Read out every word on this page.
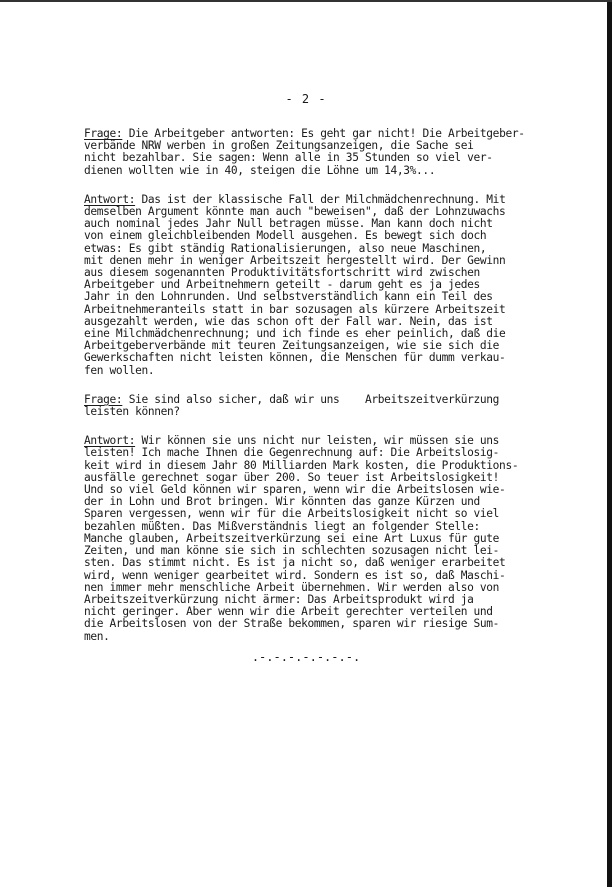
- 2 -
Frage: Die Arbeitgeber antworten: Es geht gar nicht! Die Arbeitgeber-
verbände NRW werben in großen Zeitungsanzeigen, die Sache sei
nicht bezahlbar. Sie sagen: Wenn alle in 35 Stunden so viel ver-
dienen wollten wie in 40, steigen die Löhne um 14,3%...
Antwort: Das ist der klassische Fall der Milchmädchenrechnung. Mit
demselben Argument könnte man auch "beweisen", daß der Lohnzuwachs
auch nominal jedes Jahr Null betragen müsse. Man kann doch nicht
von einem gleichbleibenden Modell ausgehen. Es bewegt sich doch
etwas: Es gibt ständig Rationalisierungen, also neue Maschinen,
mit denen mehr in weniger Arbeitszeit hergestellt wird. Der Gewinn
aus diesem sogenannten Produktivitätsfortschritt wird zwischen
Arbeitgeber und Arbeitnehmern geteilt - darum geht es ja jedes
Jahr in den Lohnrunden. Und selbstverständlich kann ein Teil des
Arbeitnehmeranteils statt in bar sozusagen als kürzere Arbeitszeit
ausgezahlt werden, wie das schon oft der Fall war. Nein, das ist
eine Milchmädchenrechnung; und ich finde es eher peinlich, daß die
Arbeitgeberverbände mit teuren Zeitungsanzeigen, wie sie sich die
Gewerkschaften nicht leisten können, die Menschen für dumm verkau-
fen wollen.
Frage: Sie sind also sicher, daß wir uns    Arbeitszeitverkürzung
leisten können?
Antwort: Wir können sie uns nicht nur leisten, wir müssen sie uns
leisten! Ich mache Ihnen die Gegenrechnung auf: Die Arbeitslosig-
keit wird in diesem Jahr 80 Milliarden Mark kosten, die Produktions-
ausfälle gerechnet sogar über 200. So teuer ist Arbeitslosigkeit!
Und so viel Geld können wir sparen, wenn wir die Arbeitslosen wie-
der in Lohn und Brot bringen. Wir könnten das ganze Kürzen und
Sparen vergessen, wenn wir für die Arbeitslosigkeit nicht so viel
bezahlen müßten. Das Mißverständnis liegt an folgender Stelle:
Manche glauben, Arbeitszeitverkürzung sei eine Art Luxus für gute
Zeiten, und man könne sie sich in schlechten sozusagen nicht lei-
sten. Das stimmt nicht. Es ist ja nicht so, daß weniger erarbeitet
wird, wenn weniger gearbeitet wird. Sondern es ist so, daß Maschi-
nen immer mehr menschliche Arbeit übernehmen. Wir werden also von
Arbeitszeitverkürzung nicht ärmer: Das Arbeitsprodukt wird ja
nicht geringer. Aber wenn wir die Arbeit gerechter verteilen und
die Arbeitslosen von der Straße bekommen, sparen wir riesige Sum-
men.
.-.-.-.-.-.-.-.
